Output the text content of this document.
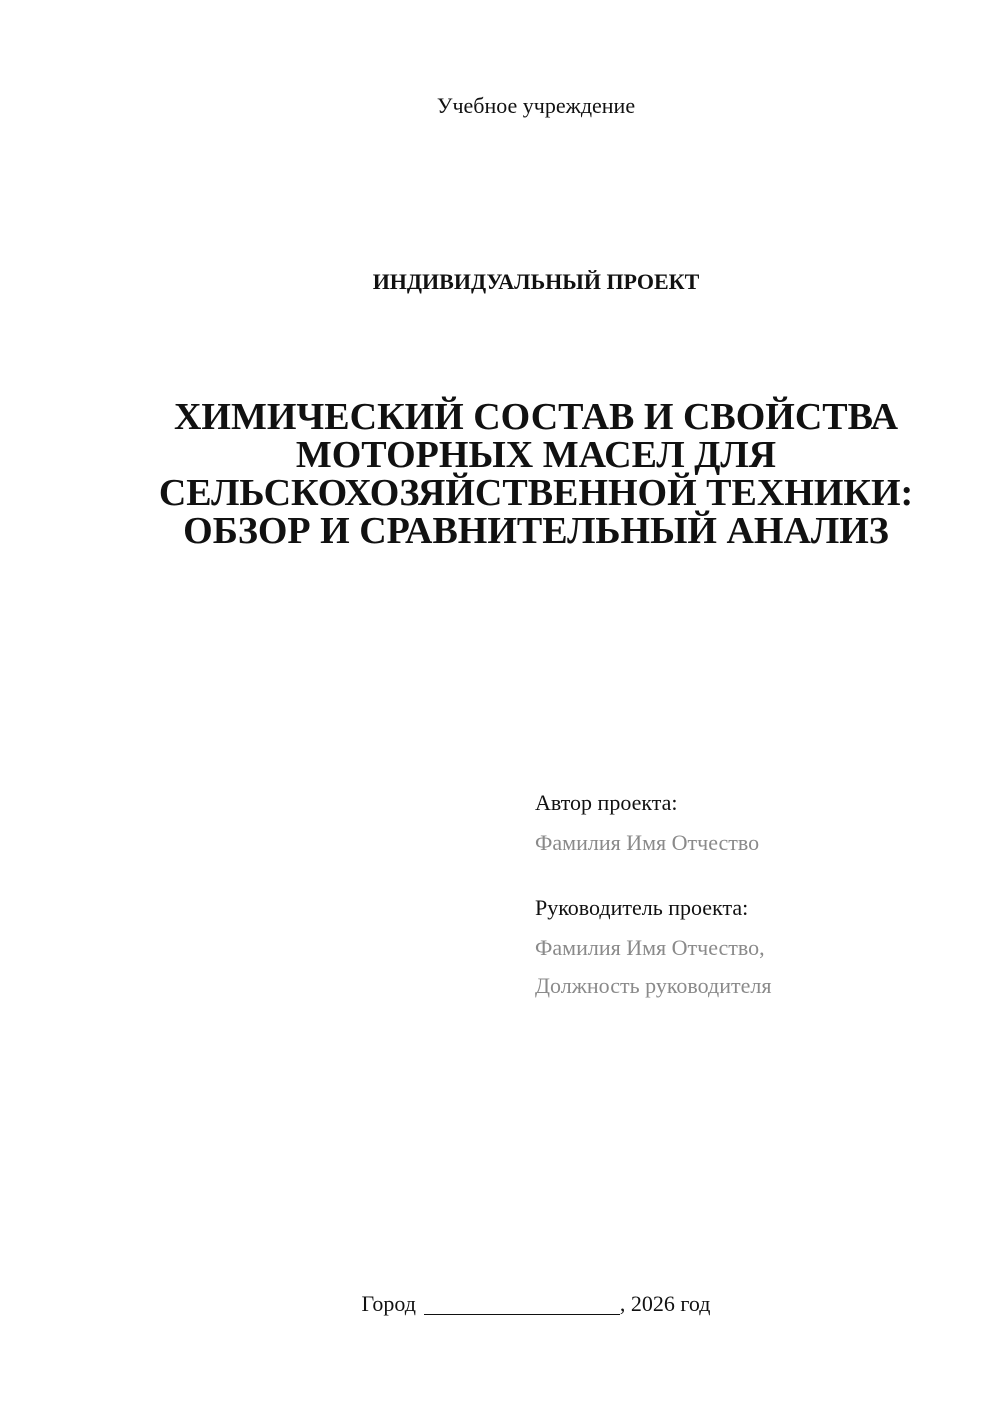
Учебное учреждение
ИНДИВИДУАЛЬНЫЙ ПРОЕКТ
ХИМИЧЕСКИЙ СОСТАВ И СВОЙСТВА
МОТОРНЫХ МАСЕЛ ДЛЯ
СЕЛЬСКОХОЗЯЙСТВЕННОЙ ТЕХНИКИ:
ОБЗОР И СРАВНИТЕЛЬНЫЙ АНАЛИЗ
Автор проекта:
Фамилия Имя Отчество
Руководитель проекта:
Фамилия Имя Отчество,
Должность руководителя
Город	, 2026 год
